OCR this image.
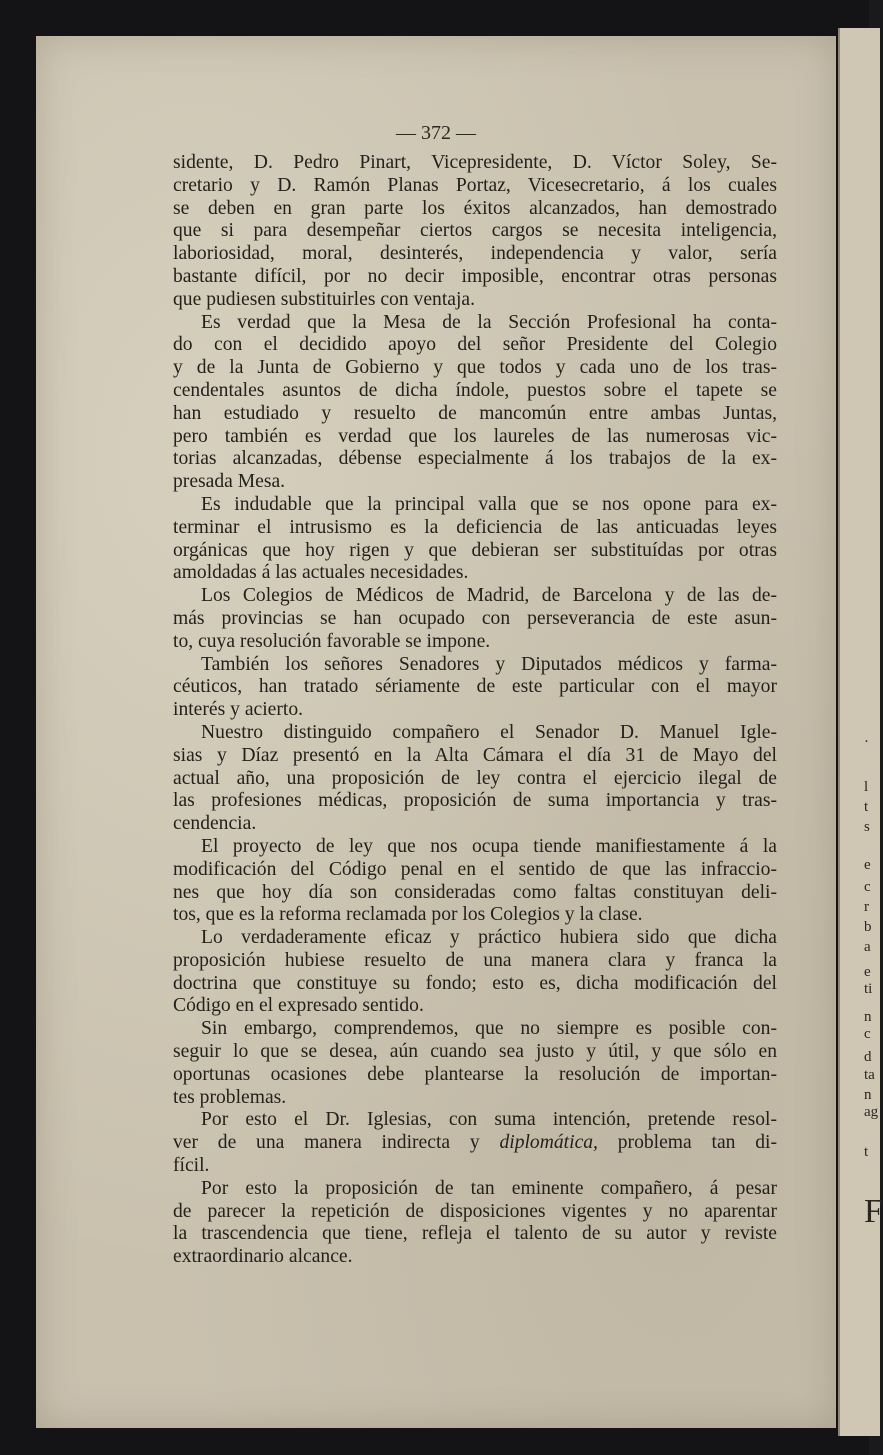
·
l
t
s
e
c
r
b
a
e
ti
n
c
d
ta
n
ag
t
F
— 372 —
sidente, D. Pedro Pinart, Vicepresidente, D. Víctor Soley, Se-
cretario y D. Ramón Planas Portaz, Vicesecretario, á los cuales
se deben en gran parte los éxitos alcanzados, han demostrado
que si para desempeñar ciertos cargos se necesita inteligencia,
laboriosidad, moral, desinterés, independencia y valor, sería
bastante difícil, por no decir imposible, encontrar otras personas
que pudiesen substituirles con ventaja.
Es verdad que la Mesa de la Sección Profesional ha conta-
do con el decidido apoyo del señor Presidente del Colegio
y de la Junta de Gobierno y que todos y cada uno de los tras-
cendentales asuntos de dicha índole, puestos sobre el tapete se
han estudiado y resuelto de mancomún entre ambas Juntas,
pero también es verdad que los laureles de las numerosas vic-
torias alcanzadas, débense especialmente á los trabajos de la ex-
presada Mesa.
Es indudable que la principal valla que se nos opone para ex-
terminar el intrusismo es la deficiencia de las anticuadas leyes
orgánicas que hoy rigen y que debieran ser substituídas por otras
amoldadas á las actuales necesidades.
Los Colegios de Médicos de Madrid, de Barcelona y de las de-
más provincias se han ocupado con perseverancia de este asun-
to, cuya resolución favorable se impone.
También los señores Senadores y Diputados médicos y farma-
céuticos, han tratado sériamente de este particular con el mayor
interés y acierto.
Nuestro distinguido compañero el Senador D. Manuel Igle-
sias y Díaz presentó en la Alta Cámara el día 31 de Mayo del
actual año, una proposición de ley contra el ejercicio ilegal de
las profesiones médicas, proposición de suma importancia y tras-
cendencia.
El proyecto de ley que nos ocupa tiende manifiestamente á la
modificación del Código penal en el sentido de que las infraccio-
nes que hoy día son consideradas como faltas constituyan deli-
tos, que es la reforma reclamada por los Colegios y la clase.
Lo verdaderamente eficaz y práctico hubiera sido que dicha
proposición hubiese resuelto de una manera clara y franca la
doctrina que constituye su fondo; esto es, dicha modificación del
Código en el expresado sentido.
Sin embargo, comprendemos, que no siempre es posible con-
seguir lo que se desea, aún cuando sea justo y útil, y que sólo en
oportunas ocasiones debe plantearse la resolución de importan-
tes problemas.
Por esto el Dr. Iglesias, con suma intención, pretende resol-
ver de una manera indirecta y diplomática, problema tan di-
fícil.
Por esto la proposición de tan eminente compañero, á pesar
de parecer la repetición de disposiciones vigentes y no aparentar
la trascendencia que tiene, refleja el talento de su autor y reviste
extraordinario alcance.
